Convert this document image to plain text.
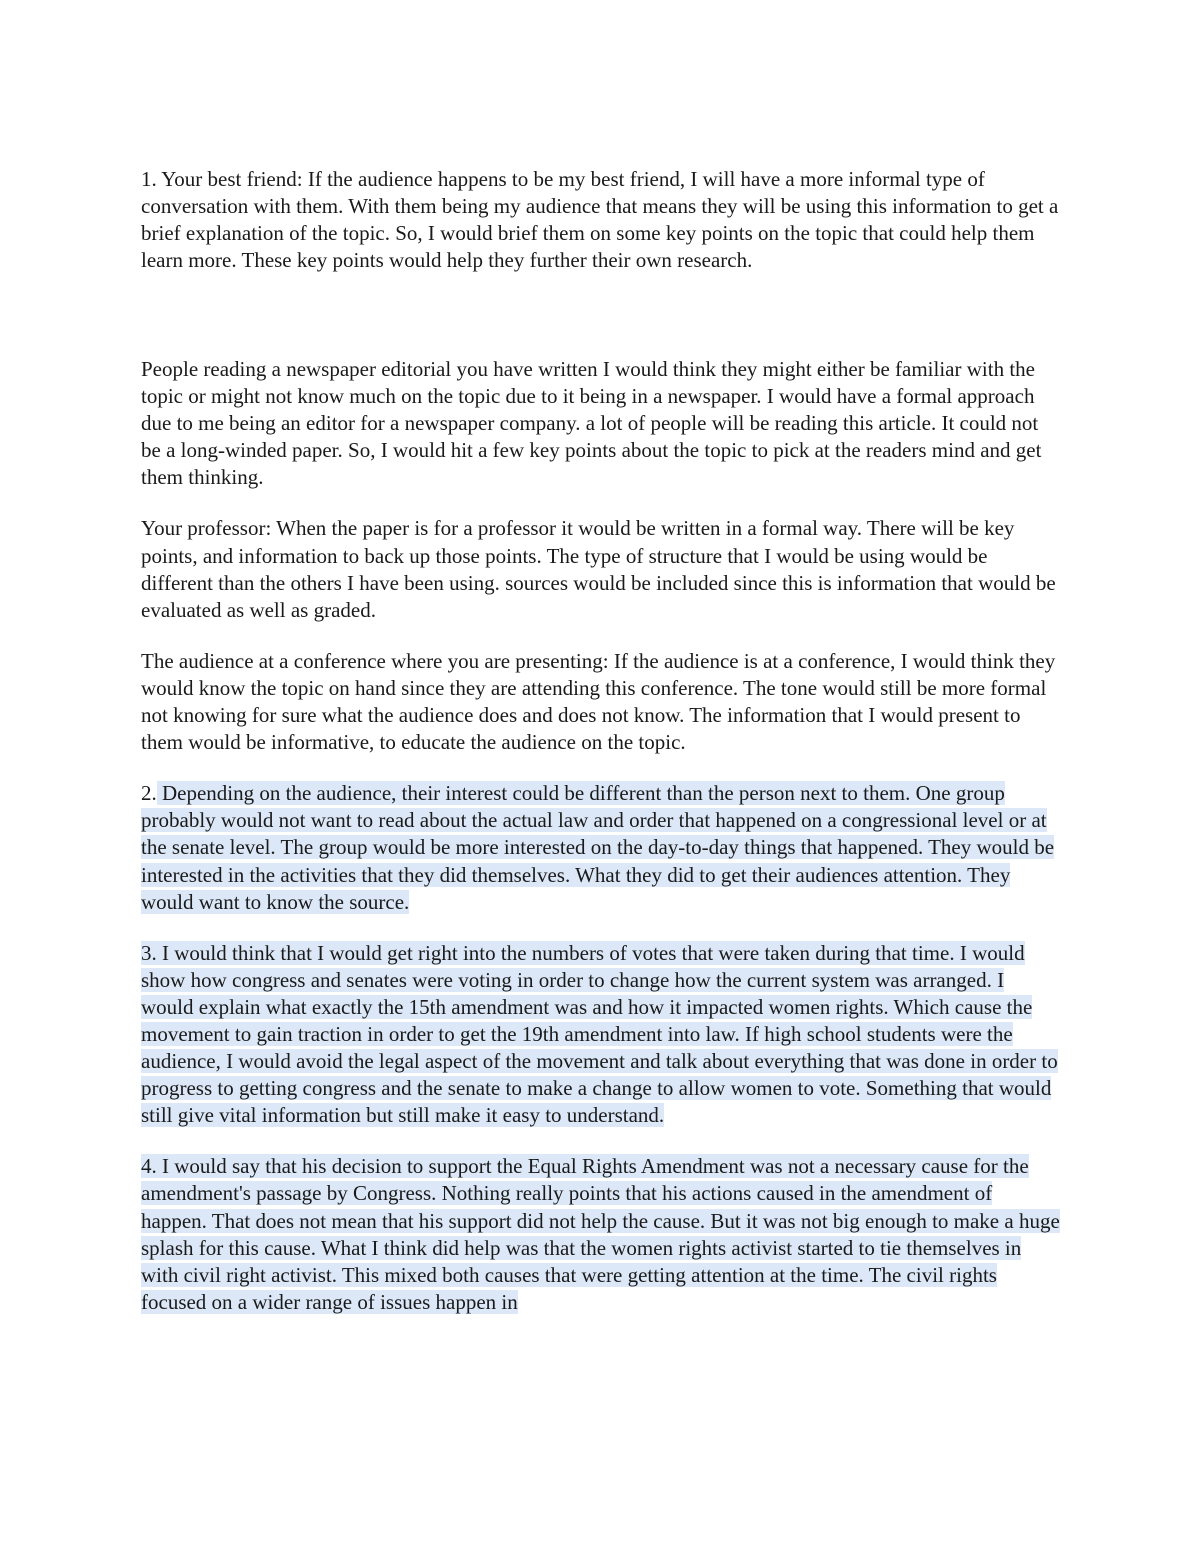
1. Your best friend: If the audience happens to be my best friend, I will have a more informal type of conversation with them. With them being my audience that means they will be using this information to get a brief explanation of the topic. So, I would brief them on some key points on the topic that could help them learn more. These key points would help they further their own research.

People reading a newspaper editorial you have written I would think they might either be familiar with the topic or might not know much on the topic due to it being in a newspaper. I would have a formal approach due to me being an editor for a newspaper company. a lot of people will be reading this article. It could not be a long-winded paper. So, I would hit a few key points about the topic to pick at the readers mind and get them thinking.

Your professor: When the paper is for a professor it would be written in a formal way. There will be key points, and information to back up those points. The type of structure that I would be using would be different than the others I have been using. sources would be included since this is information that would be evaluated as well as graded.

The audience at a conference where you are presenting: If the audience is at a conference, I would think they would know the topic on hand since they are attending this conference. The tone would still be more formal not knowing for sure what the audience does and does not know. The information that I would present to them would be informative, to educate the audience on the topic.

2. Depending on the audience, their interest could be different than the person next to them. One group probably would not want to read about the actual law and order that happened on a congressional level or at the senate level. The group would be more interested on the day-to-day things that happened. They would be interested in the activities that they did themselves. What they did to get their audiences attention. They would want to know the source.

3. I would think that I would get right into the numbers of votes that were taken during that time. I would show how congress and senates were voting in order to change how the current system was arranged. I would explain what exactly the 15th amendment was and how it impacted women rights. Which cause the movement to gain traction in order to get the 19th amendment into law. If high school students were the audience, I would avoid the legal aspect of the movement and talk about everything that was done in order to progress to getting congress and the senate to make a change to allow women to vote. Something that would still give vital information but still make it easy to understand.

4. I would say that his decision to support the Equal Rights Amendment was not a necessary cause for the amendment's passage by Congress. Nothing really points that his actions caused in the amendment of happen. That does not mean that his support did not help the cause. But it was not big enough to make a huge splash for this cause. What I think did help was that the women rights activist started to tie themselves in with civil right activist. This mixed both causes that were getting attention at the time. The civil rights focused on a wider range of issues happen in
